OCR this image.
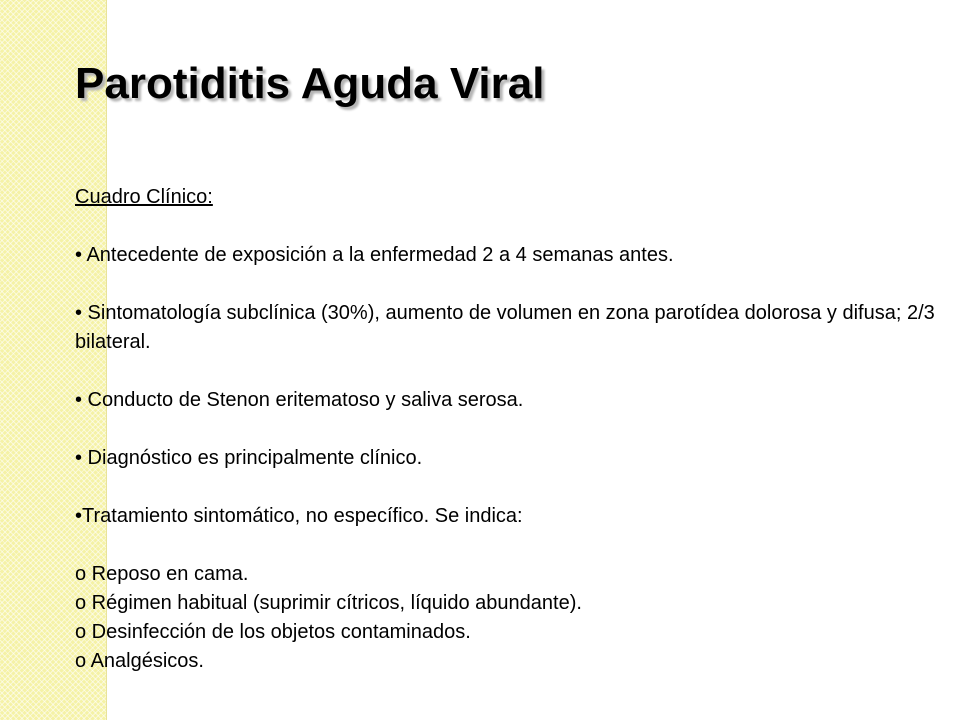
Parotiditis Aguda Viral

Cuadro Clínico:

• Antecedente de exposición a la enfermedad 2 a 4 semanas antes.

• Sintomatología subclínica (30%), aumento de volumen en zona parotídea dolorosa y difusa; 2/3 bilateral.

• Conducto de Stenon eritematoso y saliva serosa.

• Diagnóstico es principalmente clínico.

•Tratamiento sintomático, no específico. Se indica:

o Reposo en cama.

o Régimen habitual (suprimir cítricos, líquido abundante).

o Desinfección de los objetos contaminados.

o Analgésicos.
